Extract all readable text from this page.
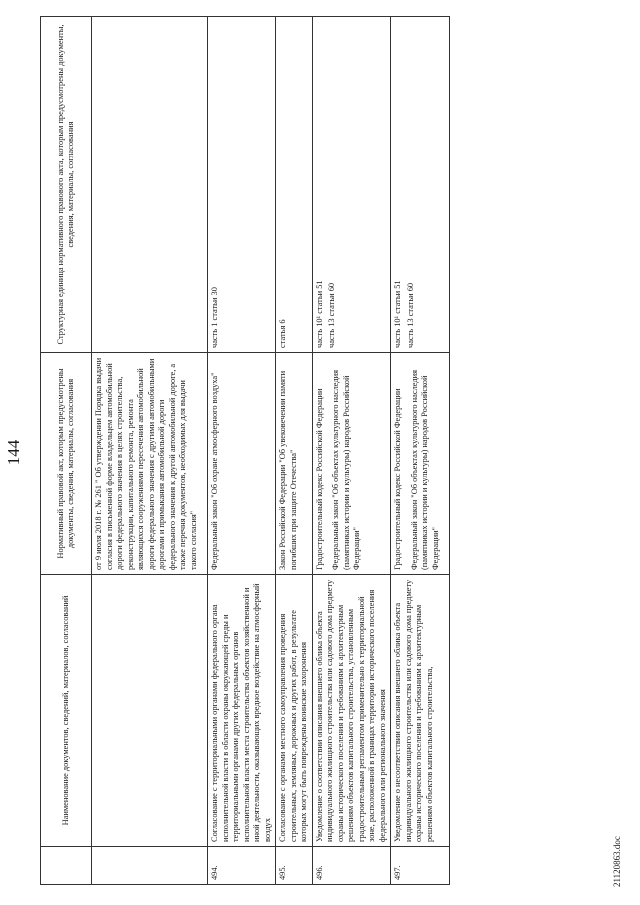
144
	Наименование документов, сведений, материалов, согласований	Нормативный правовой акт, которым предусмотрены документы, сведения, материалы, согласования	Структурная единица нормативного правового акта, которым предусмотрены документы, сведения, материалы, согласования

		от 9 июля 2018 г. № 261 " Об утверждении Порядка выдачи согласия в письменной форме владельцем автомобильной дороги федерального значения в целях строительства, реконструкции, капитального ремонта, ремонта являющихся сооружениями пересечения автомобильной дороги федерального значения с другими автомобильными дорогами и примыкания автомобильной дороги федерального значения к другой автомобильной дороге, а также перечня документов, необходимых для выдачи такого согласия"	

494.	Согласование с территориальными органами федерального органа исполнительной власти в области охраны окружающей среды и территориальными органами других федеральных органов исполнительной власти места строительства объектов хозяйственной и иной деятельности, оказывающих вредное воздействие на атмосферный воздух	Федеральный закон "Об охране атмосферного воздуха"	часть 1 статьи 30

495.	Согласование с органами местного самоуправления проведения строительных, земляных, дорожных и других работ, в результате которых могут быть повреждены воинские захоронения	Закон Российской Федерации "Об увековечении памяти погибших при защите Отечества"	статья 6

496.	Уведомление о соответствии описания внешнего облика объекта индивидуального жилищного строительства или садового дома предмету охраны исторического поселения и требованиям к архитектурным решениям объектов капитального строительства, установленным градостроительным регламентом применительно к территориальной зоне, расположенной в границах территории исторического поселения федерального или регионального значения	Градостроительный кодекс Российской Федерации Федеральный закон "Об объектах культурного наследия (памятниках истории и культуры) народов Российской Федерации"	часть 10¹ статьи 51 часть 13 статьи 60

497.	Уведомление о несоответствии описания внешнего облика объекта индивидуального жилищного строительства или садового дома предмету охраны исторического поселения и требованиям к архитектурным решениям объектов капитального строительства,	Градостроительный кодекс Российской Федерации Федеральный закон "Об объектах культурного наследия (памятниках истории и культуры) народов Российской Федерации"	часть 10¹ статьи 51 часть 13 статьи 60
21120863.doc
